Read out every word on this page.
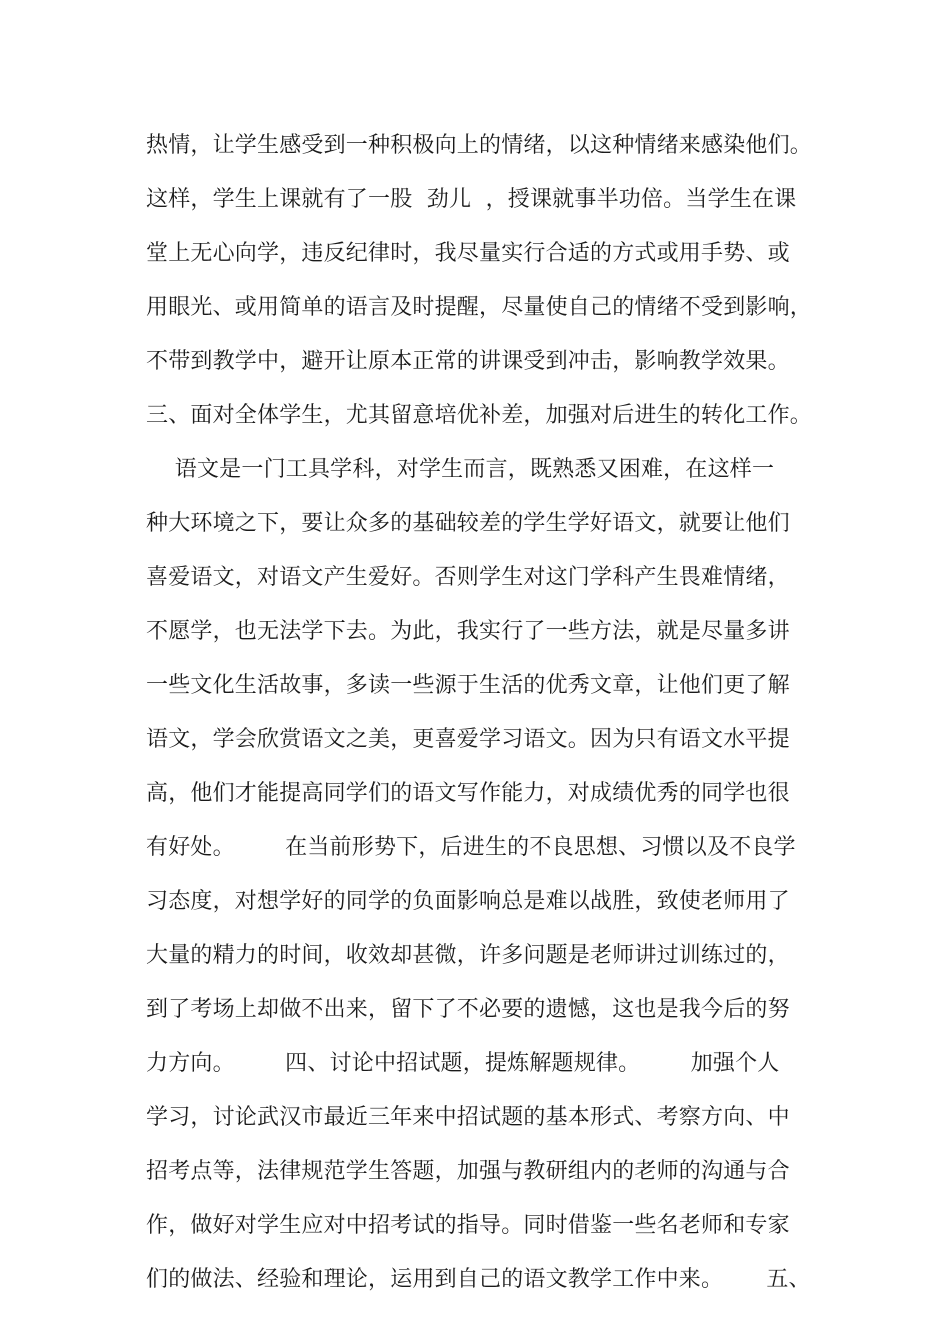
热情，让学生感受到一种积极向上的情绪，以这种情绪来感染他们。
这样，学生上课就有了一股  劲儿  ，授课就事半功倍。当学生在课
堂上无心向学，违反纪律时，我尽量实行合适的方式或用手势、或
用眼光、或用简单的语言及时提醒，尽量使自己的情绪不受到影响，
不带到教学中，避开让原本正常的讲课受到冲击，影响教学效果。
三、面对全体学生，尤其留意培优补差，加强对后进生的转化工作。
语文是一门工具学科，对学生而言，既熟悉又困难，在这样一
种大环境之下，要让众多的基础较差的学生学好语文，就要让他们
喜爱语文，对语文产生爱好。否则学生对这门学科产生畏难情绪，
不愿学，也无法学下去。为此，我实行了一些方法，就是尽量多讲
一些文化生活故事，多读一些源于生活的优秀文章，让他们更了解
语文，学会欣赏语文之美，更喜爱学习语文。因为只有语文水平提
高，他们才能提高同学们的语文写作能力，对成绩优秀的同学也很
有好处。       在当前形势下，后进生的不良思想、习惯以及不良学
习态度，对想学好的同学的负面影响总是难以战胜，致使老师用了
大量的精力的时间，收效却甚微，许多问题是老师讲过训练过的，
到了考场上却做不出来，留下了不必要的遗憾，这也是我今后的努
力方向。       四、讨论中招试题，提炼解题规律。       加强个人
学习，讨论武汉市最近三年来中招试题的基本形式、考察方向、中
招考点等，法律规范学生答题，加强与教研组内的老师的沟通与合
作，做好对学生应对中招考试的指导。同时借鉴一些名老师和专家
们的做法、经验和理论，运用到自己的语文教学工作中来。      五、
